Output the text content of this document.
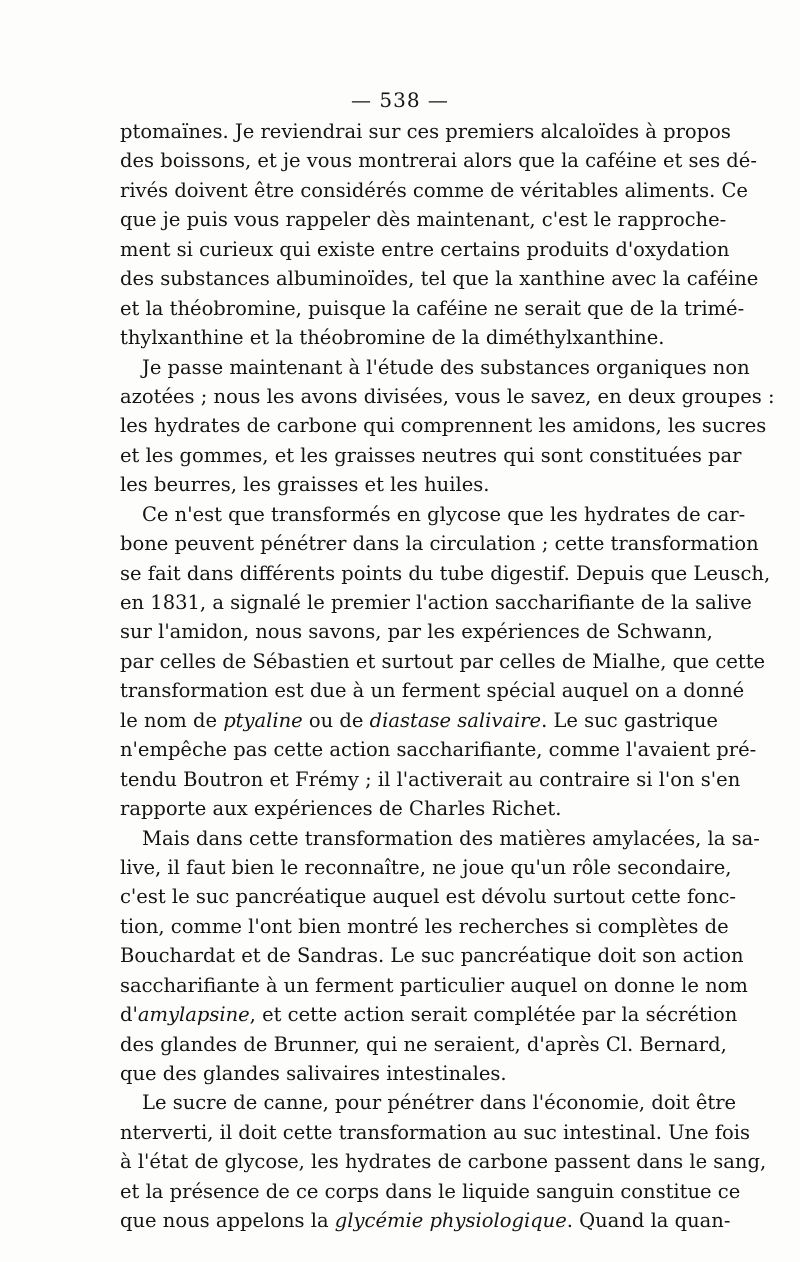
— 538 —
ptomaïnes. Je reviendrai sur ces premiers alcaloïdes à propos
des boissons, et je vous montrerai alors que la caféine et ses dé-
rivés doivent être considérés comme de véritables aliments. Ce
que je puis vous rappeler dès maintenant, c'est le rapproche-
ment si curieux qui existe entre certains produits d'oxydation
des substances albuminoïdes, tel que la xanthine avec la caféine
et la théobromine, puisque la caféine ne serait que de la trimé-
thylxanthine et la théobromine de la diméthylxanthine.
Je passe maintenant à l'étude des substances organiques non
azotées ; nous les avons divisées, vous le savez, en deux groupes :
les hydrates de carbone qui comprennent les amidons, les sucres
et les gommes, et les graisses neutres qui sont constituées par
les beurres, les graisses et les huiles.
Ce n'est que transformés en glycose que les hydrates de car-
bone peuvent pénétrer dans la circulation ; cette transformation
se fait dans différents points du tube digestif. Depuis que Leusch,
en 1831, a signalé le premier l'action saccharifiante de la salive
sur l'amidon, nous savons, par les expériences de Schwann,
par celles de Sébastien et surtout par celles de Mialhe, que cette
transformation est due à un ferment spécial auquel on a donné
le nom de ptyaline ou de diastase salivaire. Le suc gastrique
n'empêche pas cette action saccharifiante, comme l'avaient pré-
tendu Boutron et Frémy ; il l'activerait au contraire si l'on s'en
rapporte aux expériences de Charles Richet.
Mais dans cette transformation des matières amylacées, la sa-
live, il faut bien le reconnaître, ne joue qu'un rôle secondaire,
c'est le suc pancréatique auquel est dévolu surtout cette fonc-
tion, comme l'ont bien montré les recherches si complètes de
Bouchardat et de Sandras. Le suc pancréatique doit son action
saccharifiante à un ferment particulier auquel on donne le nom
d'amylapsine, et cette action serait complétée par la sécrétion
des glandes de Brunner, qui ne seraient, d'après Cl. Bernard,
que des glandes salivaires intestinales.
Le sucre de canne, pour pénétrer dans l'économie, doit être
nterverti, il doit cette transformation au suc intestinal. Une fois
à l'état de glycose, les hydrates de carbone passent dans le sang,
et la présence de ce corps dans le liquide sanguin constitue ce
que nous appelons la glycémie physiologique. Quand la quan-
